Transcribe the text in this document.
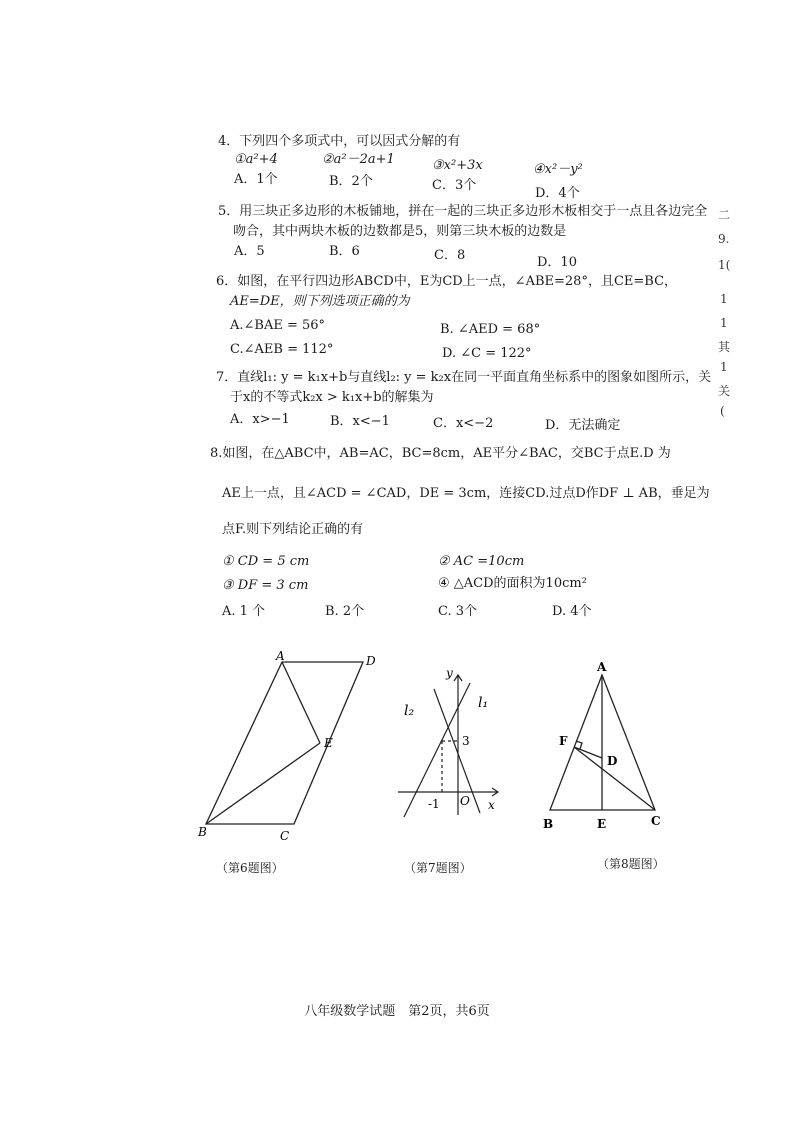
4．下列四个多项式中，可以因式分解的有
①a²+4	②a²－2a+1	③x²+3x	④x²－y²
A．1个	B．2个	C．3个
D．4个
5．用三块正多边形的木板铺地，拼在一起的三块正多边形木板相交于一点且各边完全
吻合，其中两块木板的边数都是5，则第三块木板的边数是
A．5	B．6	C．8	D．10
6．如图，在平行四边形ABCD中，E为CD上一点，∠ABE=28°，且CE=BC，
AE=DE，则下列选项正确的为
A.∠BAE = 56°	B. ∠AED = 68°
C.∠AEB = 112°	D. ∠C = 122°
7．直线l₁: y = k₁x+b与直线l₂: y = k₂x在同一平面直角坐标系中的图象如图所示，关
于x的不等式k₂x > k₁x+b的解集为
A．x>−1	B．x<−1	C．x<−2	D．无法确定
8.如图，在△ABC中，AB=AC，BC=8cm，AE平分∠BAC，交BC于点E.D 为
AE上一点，且∠ACD = ∠CAD，DE = 3cm，连接CD.过点D作DF ⊥ AB，垂足为
点F.则下列结论正确的有
① CD = 5 cm	② AC =10cm
③ DF = 3 cm	④ △ACD的面积为10cm²
A. 1 个	B. 2个	C. 3个	D. 4个
A	D
E
B	C
（第6题图）
y
l₂	l₁
3
-1 O x
（第7题图）
A
F
D
B	E	C
（第8题图）
八年级数学试题　第2页，共6页
二
9.
1(
1
1
其
1
关
(
